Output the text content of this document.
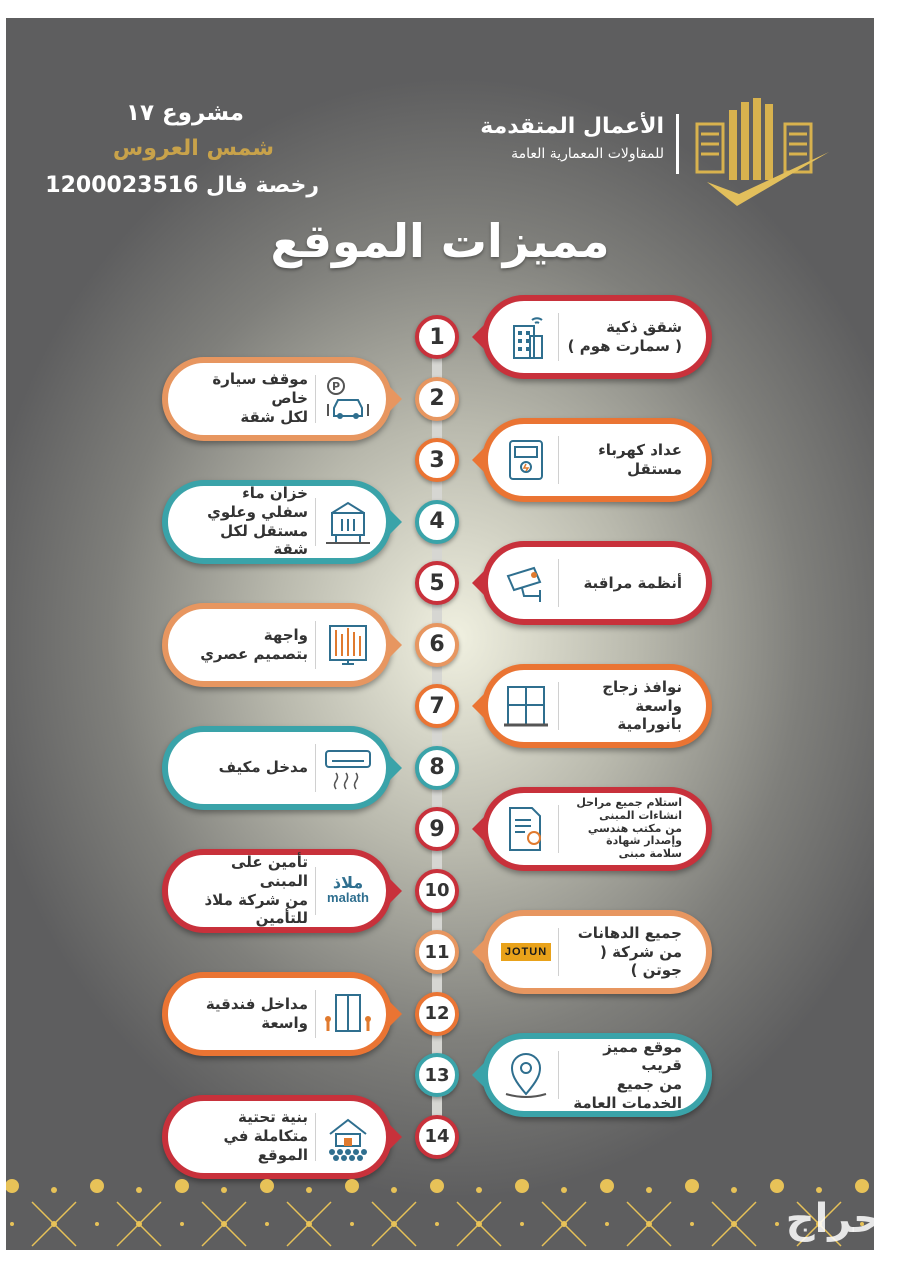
الأعمال المتقدمة
للمقاولات المعمارية العامة
مشروع ١٧
شمس العروس
رخصة فال 1200023516
مميزات الموقع
1	شقق ذكية
( سمارت هوم )
2
موقف سيارة خاص
لكل شقة
P
3	عداد كهرباء
مستقل
4
خزان ماء
سفلي وعلوي
مستقل لكل شقة
5	أنظمة مراقبة
6
واجهة
بتصميم عصري
7
نوافذ زجاج
واسعة بانورامية
8
مدخل مكيف
9
استلام جميع مراحل
انشاءات المبنى
من مكتب هندسي
وإصدار شهادة
سلامة مبنى
10
تأمين على المبنى
من شركة ملاذ للتأمين
ملاذ
malath
11
جميع الدهانات
من شركة ( جوتن )
JOTUN
12
مداخل فندقية واسعة
13
موقع مميز قريب
من جميع
الخدمات العامة
14
بنية تحتية
متكاملة في الموقع
حراج
